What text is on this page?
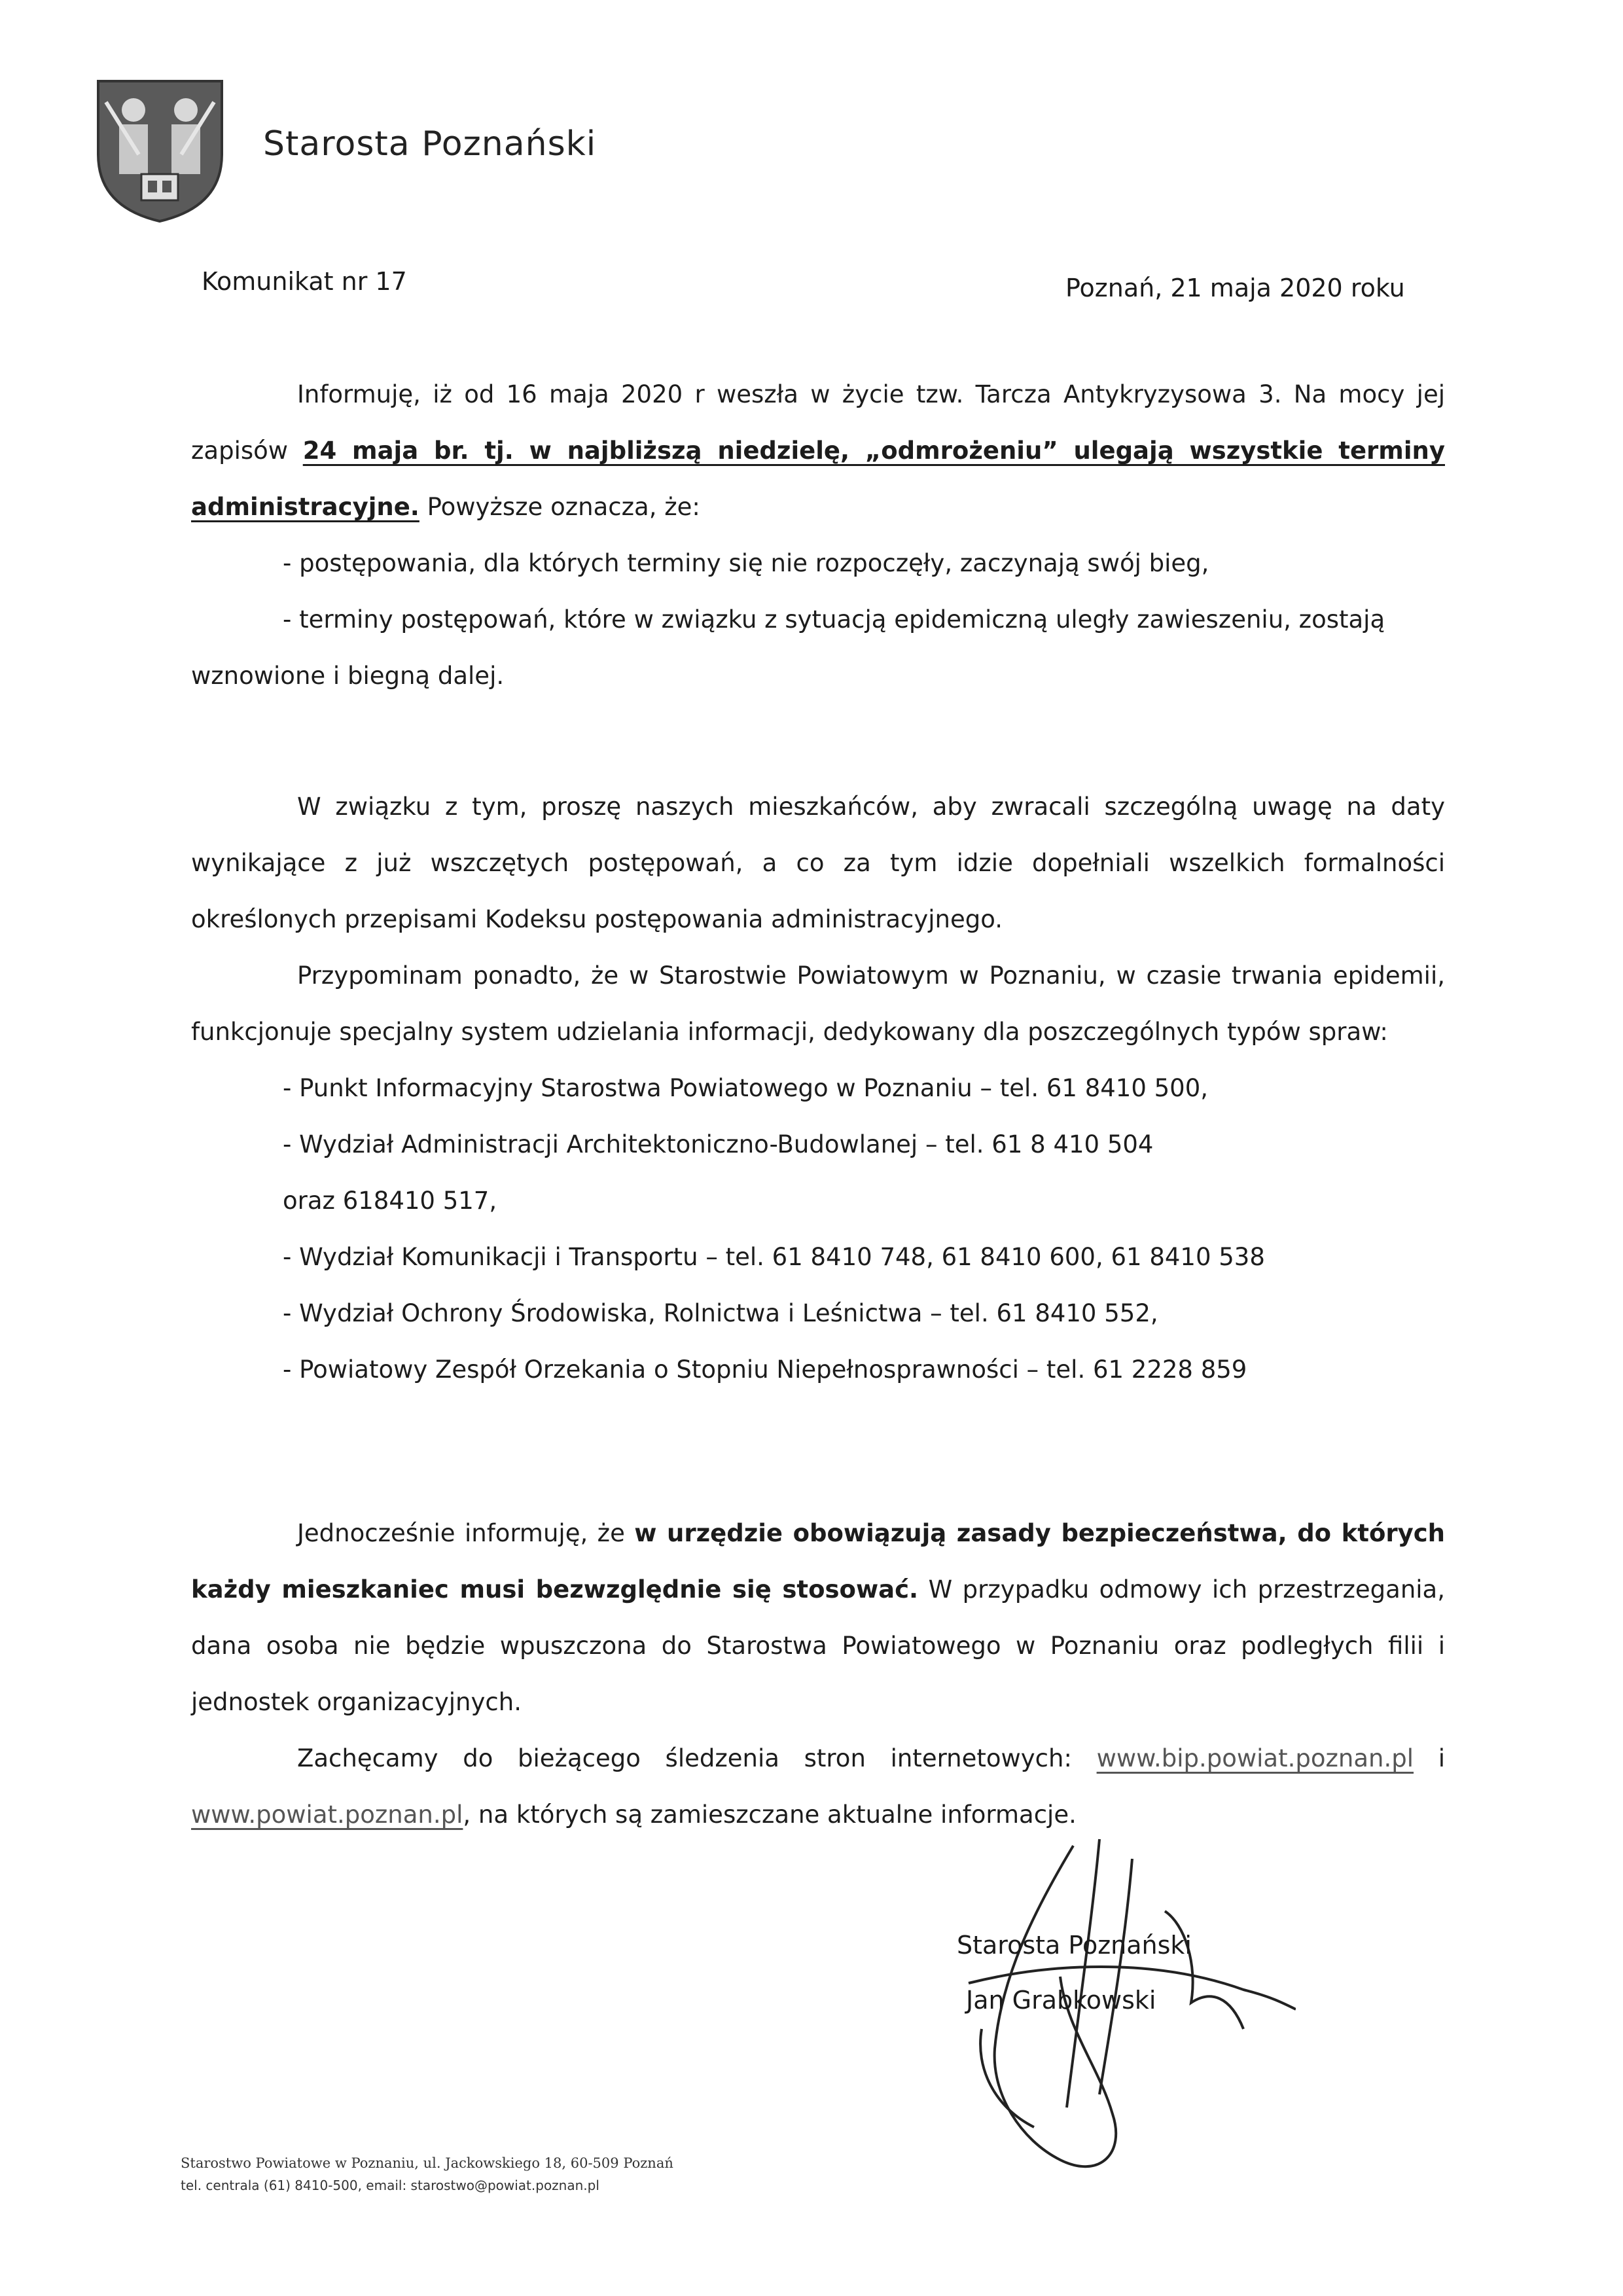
Starosta Poznański
Komunikat nr 17	Poznań, 21 maja 2020 roku

Informuję, iż od 16 maja 2020 r weszła w życie tzw. Tarcza Antykryzysowa 3. Na mocy jej zapisów 24 maja br. tj. w najbliższą niedzielę, „odmrożeniu” ulegają wszystkie terminy administracyjne. Powyższe oznacza, że:

- postępowania, dla których terminy się nie rozpoczęły, zaczynają swój bieg,

- terminy postępowań, które w związku z sytuacją epidemiczną uległy zawieszeniu, zostają

wznowione i biegną dalej.

W związku z tym, proszę naszych mieszkańców, aby zwracali szczególną uwagę na daty wynikające z już wszczętych postępowań, a co za tym idzie dopełniali wszelkich formalności określonych przepisami Kodeksu postępowania administracyjnego.

Przypominam ponadto, że w Starostwie Powiatowym w Poznaniu, w czasie trwania epidemii, funkcjonuje specjalny system udzielania informacji, dedykowany dla poszczególnych typów spraw:

- Punkt Informacyjny Starostwa Powiatowego w Poznaniu – tel. 61 8410 500,

- Wydział Administracji Architektoniczno-Budowlanej – tel. 61 8 410 504

oraz 618410 517,

- Wydział Komunikacji i Transportu – tel. 61 8410 748, 61 8410 600, 61 8410 538

- Wydział Ochrony Środowiska, Rolnictwa i Leśnictwa – tel. 61 8410 552,

- Powiatowy Zespół Orzekania o Stopniu Niepełnosprawności – tel. 61 2228 859

Jednocześnie informuję, że w urzędzie obowiązują zasady bezpieczeństwa, do których każdy mieszkaniec musi bezwzględnie się stosować. W przypadku odmowy ich przestrzegania, dana osoba nie będzie wpuszczona do Starostwa Powiatowego w Poznaniu oraz podległych filii i jednostek organizacyjnych.

Zachęcamy do bieżącego śledzenia stron internetowych: www.bip.powiat.poznan.pl i www.powiat.poznan.pl, na których są zamieszczane aktualne informacje.

Starosta Poznański
Jan Grabkowski
Starostwo Powiatowe w Poznaniu, ul. Jackowskiego 18, 60-509 Poznań
tel. centrala (61) 8410-500, email: starostwo@powiat.poznan.pl
